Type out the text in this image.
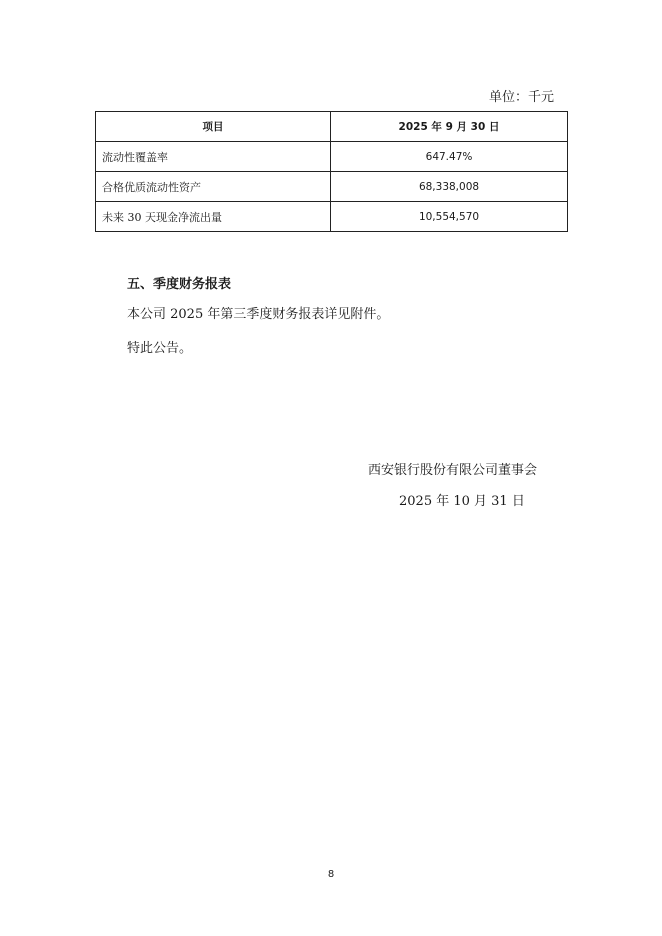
单位：千元
项目	2025 年 9 月 30 日
流动性覆盖率	647.47%
合格优质流动性资产	68,338,008
未来 30 天现金净流出量	10,554,570
五、季度财务报表
本公司 2025 年第三季度财务报表详见附件。
特此公告。
西安银行股份有限公司董事会
2025 年 10 月 31 日
8
